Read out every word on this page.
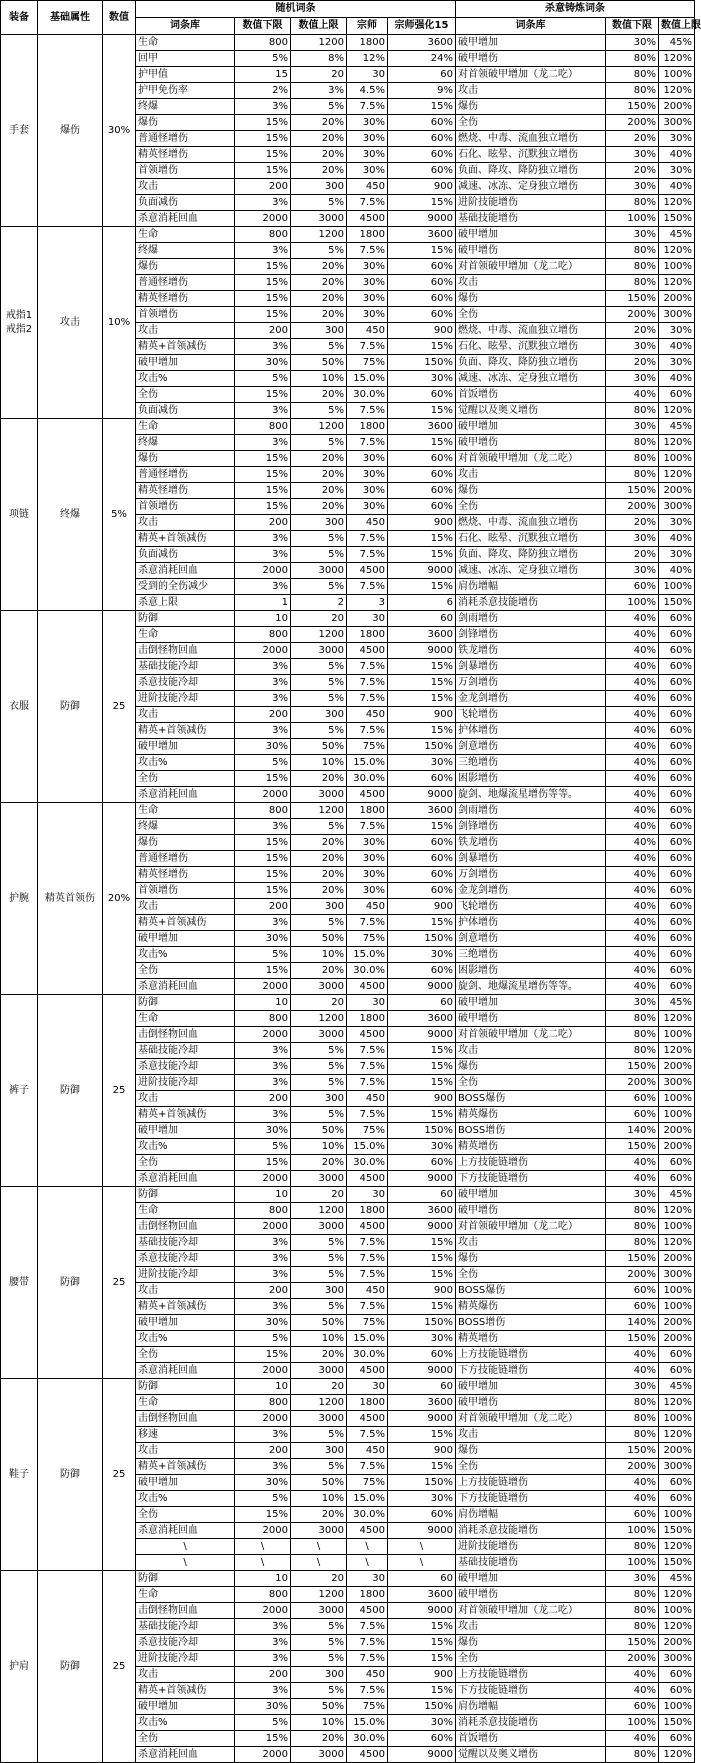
装备	基础属性	数值	随机词条					杀意铸炼词条		
			词条库	数值下限	数值上限	宗师	宗师强化15	词条库	数值下限	数值上限
手套	爆伤	30%	生命	800	1200	1800	3600	破甲增加	30%	45%
			回甲	5%	8%	12%	24%	破甲增伤	80%	120%
			护甲值	15	20	30	60	对首领破甲增加（龙二吃）	80%	100%
			护甲免伤率	2%	3%	4.5%	9%	攻击	80%	120%
			终爆	3%	5%	7.5%	15%	爆伤	150%	200%
			爆伤	15%	20%	30%	60%	全伤	200%	300%
			普通怪增伤	15%	20%	30%	60%	燃烧、中毒、流血独立增伤	20%	30%
			精英怪增伤	15%	20%	30%	60%	石化、眩晕、沉默独立增伤	30%	40%
			首领增伤	15%	20%	30%	60%	负面、降攻、降防独立增伤	20%	30%
			攻击	200	300	450	900	减速、冰冻、定身独立增伤	30%	40%
			负面减伤	3%	5%	7.5%	15%	进阶技能增伤	80%	120%
			杀意消耗回血	2000	3000	4500	9000	基础技能增伤	100%	150%
戒指1
戒指2	攻击	10%	生命	800	1200	1800	3600	破甲增加	30%	45%
			终爆	3%	5%	7.5%	15%	破甲增伤	80%	120%
			爆伤	15%	20%	30%	60%	对首领破甲增加（龙二吃）	80%	100%
			普通怪增伤	15%	20%	30%	60%	攻击	80%	120%
			精英怪增伤	15%	20%	30%	60%	爆伤	150%	200%
			首领增伤	15%	20%	30%	60%	全伤	200%	300%
			攻击	200	300	450	900	燃烧、中毒、流血独立增伤	20%	30%
			精英+首领减伤	3%	5%	7.5%	15%	石化、眩晕、沉默独立增伤	30%	40%
			破甲增加	30%	50%	75%	150%	负面、降攻、降防独立增伤	20%	30%
			攻击%	5%	10%	15.0%	30%	减速、冰冻、定身独立增伤	30%	40%
			全伤	15%	20%	30.0%	60%	首饭增伤	40%	60%
			负面减伤	3%	5%	7.5%	15%	觉醒以及奥义增伤	80%	120%
项链	终爆	5%	生命	800	1200	1800	3600	破甲增加	30%	45%
			终爆	3%	5%	7.5%	15%	破甲增伤	80%	120%
			爆伤	15%	20%	30%	60%	对首领破甲增加（龙二吃）	80%	100%
			普通怪增伤	15%	20%	30%	60%	攻击	80%	120%
			精英怪增伤	15%	20%	30%	60%	爆伤	150%	200%
			首领增伤	15%	20%	30%	60%	全伤	200%	300%
			攻击	200	300	450	900	燃烧、中毒、流血独立增伤	20%	30%
			精英+首领减伤	3%	5%	7.5%	15%	石化、眩晕、沉默独立增伤	30%	40%
			负面减伤	3%	5%	7.5%	15%	负面、降攻、降防独立增伤	20%	30%
			杀意消耗回血	2000	3000	4500	9000	减速、冰冻、定身独立增伤	30%	40%
			受到的全伤减少	3%	5%	7.5%	15%	肩伤增幅	60%	100%
			杀意上限	1	2	3	6	消耗杀意技能增伤	100%	150%
衣服	防御	25	防御	10	20	30	60	剑雨增伤	40%	60%
			生命	800	1200	1800	3600	剑锋增伤	40%	60%
			击倒怪物回血	2000	3000	4500	9000	铁龙增伤	40%	60%
			基础技能冷却	3%	5%	7.5%	15%	剑暴增伤	40%	60%
			杀意技能冷却	3%	5%	7.5%	15%	万剑增伤	40%	60%
			进阶技能冷却	3%	5%	7.5%	15%	金龙剑增伤	40%	60%
			攻击	200	300	450	900	飞轮增伤	40%	60%
			精英+首领减伤	3%	5%	7.5%	15%	护体增伤	40%	60%
			破甲增加	30%	50%	75%	150%	剑意增伤	40%	60%
			攻击%	5%	10%	15.0%	30%	三绝增伤	40%	60%
			全伤	15%	20%	30.0%	60%	困影增伤	40%	60%
			杀意消耗回血	2000	3000	4500	9000	旋剑、地爆流星增伤等等。	40%	60%
护腕	精英首领伤	20%	生命	800	1200	1800	3600	剑雨增伤	40%	60%
			终爆	3%	5%	7.5%	15%	剑锋增伤	40%	60%
			爆伤	15%	20%	30%	60%	铁龙增伤	40%	60%
			普通怪增伤	15%	20%	30%	60%	剑暴增伤	40%	60%
			精英怪增伤	15%	20%	30%	60%	万剑增伤	40%	60%
			首领增伤	15%	20%	30%	60%	金龙剑增伤	40%	60%
			攻击	200	300	450	900	飞轮增伤	40%	60%
			精英+首领减伤	3%	5%	7.5%	15%	护体增伤	40%	60%
			破甲增加	30%	50%	75%	150%	剑意增伤	40%	60%
			攻击%	5%	10%	15.0%	30%	三绝增伤	40%	60%
			全伤	15%	20%	30.0%	60%	困影增伤	40%	60%
			杀意消耗回血	2000	3000	4500	9000	旋剑、地爆流星增伤等等。	40%	60%
裤子	防御	25	防御	10	20	30	60	破甲增加	30%	45%
			生命	800	1200	1800	3600	破甲增伤	80%	120%
			击倒怪物回血	2000	3000	4500	9000	对首领破甲增加（龙二吃）	80%	100%
			基础技能冷却	3%	5%	7.5%	15%	攻击	80%	120%
			杀意技能冷却	3%	5%	7.5%	15%	爆伤	150%	200%
			进阶技能冷却	3%	5%	7.5%	15%	全伤	200%	300%
			攻击	200	300	450	900	BOSS爆伤	60%	100%
			精英+首领减伤	3%	5%	7.5%	15%	精英爆伤	60%	100%
			破甲增加	30%	50%	75%	150%	BOSS增伤	140%	200%
			攻击%	5%	10%	15.0%	30%	精英增伤	150%	200%
			全伤	15%	20%	30.0%	60%	上方技能链增伤	40%	60%
			杀意消耗回血	2000	3000	4500	9000	下方技能链增伤	40%	60%
腰带	防御	25	防御	10	20	30	60	破甲增加	30%	45%
			生命	800	1200	1800	3600	破甲增伤	80%	120%
			击倒怪物回血	2000	3000	4500	9000	对首领破甲增加（龙二吃）	80%	100%
			基础技能冷却	3%	5%	7.5%	15%	攻击	80%	120%
			杀意技能冷却	3%	5%	7.5%	15%	爆伤	150%	200%
			进阶技能冷却	3%	5%	7.5%	15%	全伤	200%	300%
			攻击	200	300	450	900	BOSS爆伤	60%	100%
			精英+首领减伤	3%	5%	7.5%	15%	精英爆伤	60%	100%
			破甲增加	30%	50%	75%	150%	BOSS增伤	140%	200%
			攻击%	5%	10%	15.0%	30%	精英增伤	150%	200%
			全伤	15%	20%	30.0%	60%	上方技能链增伤	40%	60%
			杀意消耗回血	2000	3000	4500	9000	下方技能链增伤	40%	60%
鞋子	防御	25	防御	10	20	30	60	破甲增加	30%	45%
			生命	800	1200	1800	3600	破甲增伤	80%	120%
			击倒怪物回血	2000	3000	4500	9000	对首领破甲增加（龙二吃）	80%	100%
			移速	3%	5%	7.5%	15%	攻击	80%	120%
			攻击	200	300	450	900	爆伤	150%	200%
			精英+首领减伤	3%	5%	7.5%	15%	全伤	200%	300%
			破甲增加	30%	50%	75%	150%	上方技能链增伤	40%	60%
			攻击%	5%	10%	15.0%	30%	下方技能链增伤	40%	60%
			全伤	15%	20%	30.0%	60%	肩伤增幅	60%	100%
			杀意消耗回血	2000	3000	4500	9000	消耗杀意技能增伤	100%	150%
			\	\	\	\	\	进阶技能增伤	80%	120%
			\	\	\	\	\	基础技能增伤	100%	150%
护肩	防御	25	防御	10	20	30	60	破甲增加	30%	45%
			生命	800	1200	1800	3600	破甲增伤	80%	120%
			击倒怪物回血	2000	3000	4500	9000	对首领破甲增加（龙二吃）	80%	100%
			基础技能冷却	3%	5%	7.5%	15%	攻击	80%	120%
			杀意技能冷却	3%	5%	7.5%	15%	爆伤	150%	200%
			进阶技能冷却	3%	5%	7.5%	15%	全伤	200%	300%
			攻击	200	300	450	900	上方技能链增伤	40%	60%
			精英+首领减伤	3%	5%	7.5%	15%	下方技能链增伤	40%	60%
			破甲增加	30%	50%	75%	150%	肩伤增幅	60%	100%
			攻击%	5%	10%	15.0%	30%	消耗杀意技能增伤	100%	150%
			全伤	15%	20%	30.0%	60%	首饭增伤	40%	60%
			杀意消耗回血	2000	3000	4500	9000	觉醒以及奥义增伤	80%	120%
